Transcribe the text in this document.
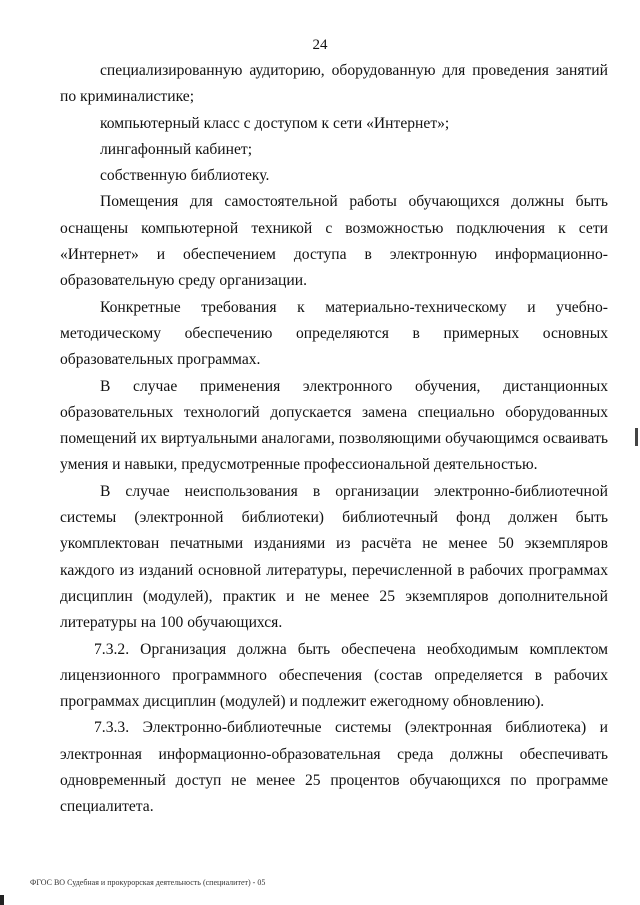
24

специализированную аудиторию, оборудованную для проведения занятий по криминалистике;

компьютерный класс с доступом к сети «Интернет»;

лингафонный кабинет;

собственную библиотеку.

Помещения для самостоятельной работы обучающихся должны быть оснащены компьютерной техникой с возможностью подключения к сети «Интернет» и обеспечением доступа в электронную информационно-образовательную среду организации.

Конкретные требования к материально-техническому и учебно-методическому обеспечению определяются в примерных основных образовательных программах.

В случае применения электронного обучения, дистанционных образовательных технологий допускается замена специально оборудованных помещений их виртуальными аналогами, позволяющими обучающимся осваивать умения и навыки, предусмотренные профессиональной деятельностью.

В случае неиспользования в организации электронно-библиотечной системы (электронной библиотеки) библиотечный фонд должен быть укомплектован печатными изданиями из расчёта не менее 50 экземпляров каждого из изданий основной литературы, перечисленной в рабочих программах дисциплин (модулей), практик и не менее 25 экземпляров дополнительной литературы на 100 обучающихся.

7.3.2. Организация должна быть обеспечена необходимым комплектом лицензионного программного обеспечения (состав определяется в рабочих программах дисциплин (модулей) и подлежит ежегодному обновлению).

7.3.3. Электронно-библиотечные системы (электронная библиотека) и электронная информационно-образовательная среда должны обеспечивать одновременный доступ не менее 25 процентов обучающихся по программе специалитета.

ФГОС ВО Судебная и прокурорская деятельность (специалитет) - 05
